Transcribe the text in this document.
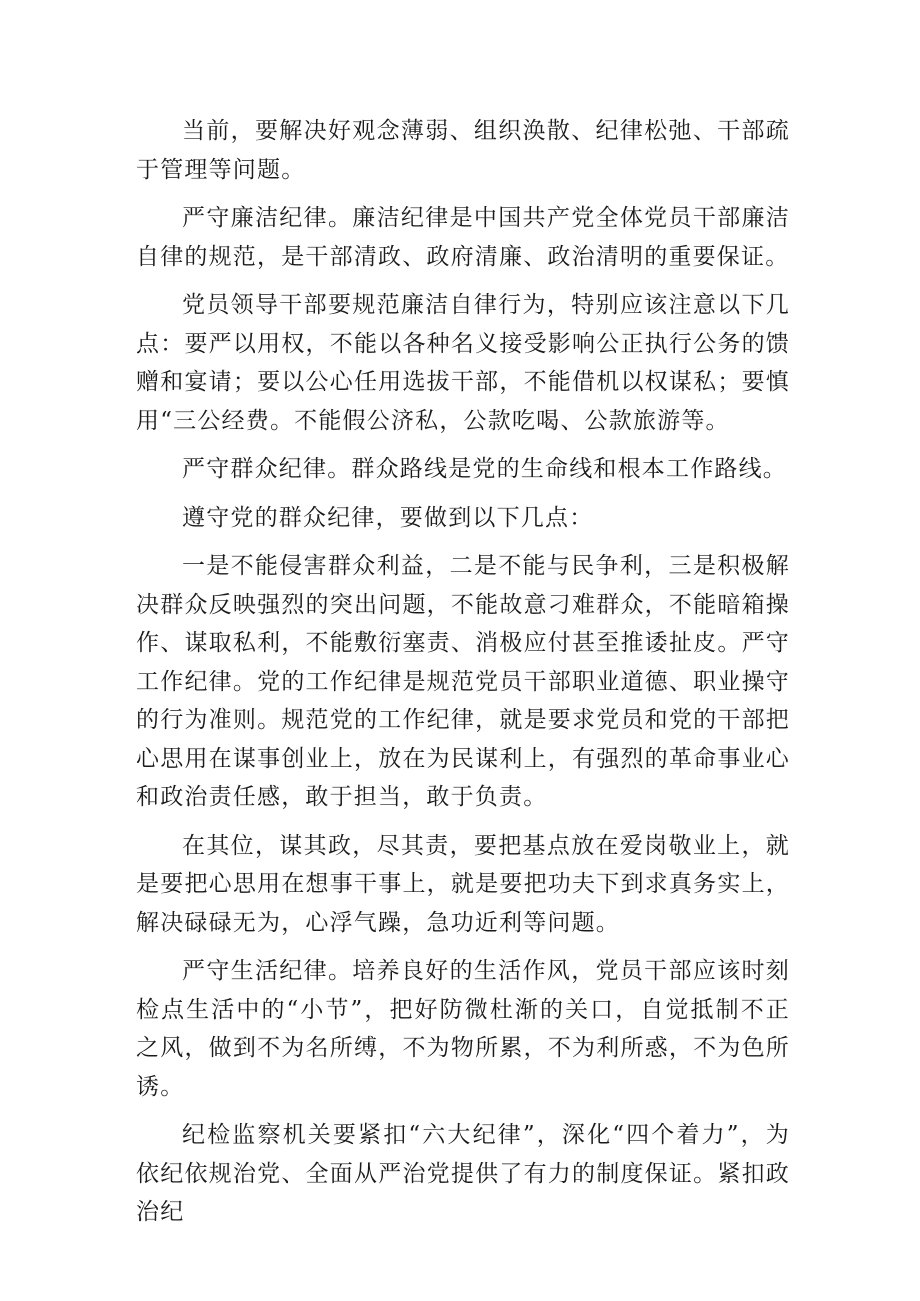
当前，要解决好观念薄弱、组织涣散、纪律松弛、干部疏于管理等问题。

严守廉洁纪律。廉洁纪律是中国共产党全体党员干部廉洁自律的规范，是干部清政、政府清廉、政治清明的重要保证。

党员领导干部要规范廉洁自律行为，特别应该注意以下几点：要严以用权，不能以各种名义接受影响公正执行公务的馈赠和宴请；要以公心任用选拔干部，不能借机以权谋私；要慎用“三公经费。不能假公济私，公款吃喝、公款旅游等。

严守群众纪律。群众路线是党的生命线和根本工作路线。

遵守党的群众纪律，要做到以下几点：

一是不能侵害群众利益，二是不能与民争利，三是积极解决群众反映强烈的突出问题，不能故意刁难群众，不能暗箱操作、谋取私利，不能敷衍塞责、消极应付甚至推诿扯皮。严守工作纪律。党的工作纪律是规范党员干部职业道德、职业操守的行为准则。规范党的工作纪律，就是要求党员和党的干部把心思用在谋事创业上，放在为民谋利上，有强烈的革命事业心和政治责任感，敢于担当，敢于负责。

在其位，谋其政，尽其责，要把基点放在爱岗敬业上，就是要把心思用在想事干事上，就是要把功夫下到求真务实上，解决碌碌无为，心浮气躁，急功近利等问题。

严守生活纪律。培养良好的生活作风，党员干部应该时刻检点生活中的“小节”，把好防微杜渐的关口，自觉抵制不正之风，做到不为名所缚，不为物所累，不为利所惑，不为色所诱。

纪检监察机关要紧扣“六大纪律”，深化“四个着力”，为依纪依规治党、全面从严治党提供了有力的制度保证。紧扣政治纪
